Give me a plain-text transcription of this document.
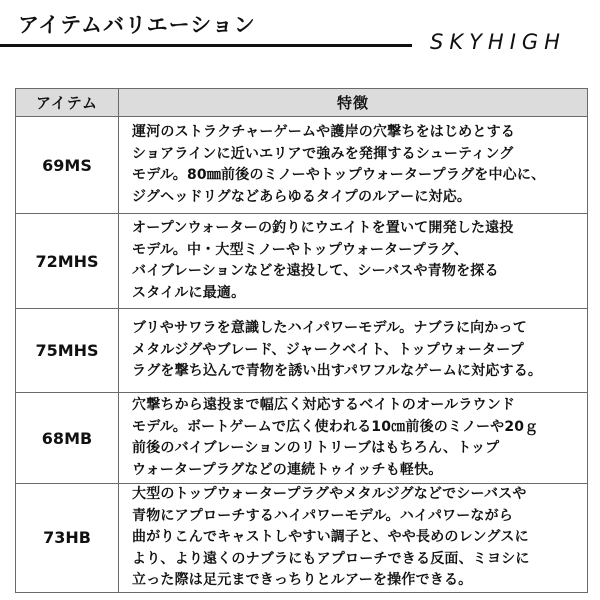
アイテムバリエーション
SKYHIGH
アイテム	特徴
69MS	運河のストラクチャーゲームや護岸の穴撃ちをはじめとする
ショアラインに近いエリアで強みを発揮するシューティング
モデル。80㎜前後のミノーやトップウォータープラグを中心に、
ジグヘッドリグなどあらゆるタイプのルアーに対応。

72MHS	オープンウォーターの釣りにウエイトを置いて開発した遠投
モデル。中・大型ミノーやトップウォータープラグ、
バイブレーションなどを遠投して、シーバスや青物を探る
スタイルに最適。

75MHS	ブリやサワラを意識したハイパワーモデル。ナブラに向かって
メタルジグやブレード、ジャークベイト、トップウォータープ
ラグを撃ち込んで青物を誘い出すパワフルなゲームに対応する。

68MB	穴撃ちから遠投まで幅広く対応するベイトのオールラウンド
モデル。ボートゲームで広く使われる10㎝前後のミノーや20ｇ
前後のバイブレーションのリトリーブはもちろん、トップ
ウォータープラグなどの連続トゥイッチも軽快。

73HB	大型のトップウォータープラグやメタルジグなどでシーバスや
青物にアプローチするハイパワーモデル。ハイパワーながら
曲がりこんでキャストしやすい調子と、やや長めのレングスに
より、より遠くのナブラにもアプローチできる反面、ミヨシに
立った際は足元まできっちりとルアーを操作できる。
